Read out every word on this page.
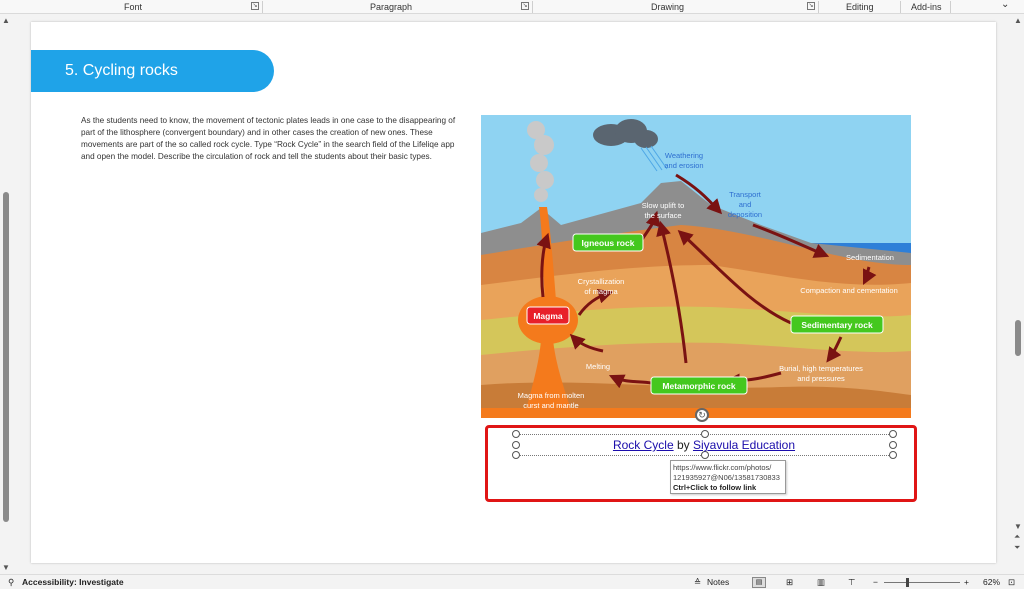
Font	↘	Paragraph	↘	Drawing	↘	Editing	Add-ins	⌄
▲
▼
5. Cycling rocks

As the students need to know, the movement of tectonic plates leads in one case to the disappearing of part of the lithosphere (convergent boundary) and in other cases the creation of new ones. These movements are part of the so called rock cycle. Type “Rock Cycle” in the search field of the Lifeliqe app and open the model. Describe the circulation of rock and tell the students about their basic types.	Weathering
and erosion
Transport
and
deposition
Slow uplift to
the surface
Sedimentation
Compaction and cementation
Crystallization
of magma
Melting	Burial, high temperatures
and pressures
Magma from molten
curst and mantle
Igneous rock
Magma
Sedimentary rock
Metamorphic rock
↻
Rock Cycle by Siyavula Education
https://www.flickr.com/photos/
121935927@N06/13581730833
Ctrl+Click to follow link
▲
▼
⏶
⏷
⚲ Accessibility: Investigate	≙ Notes	▤	⊞	▥	⊤ −	+ 62% ⊡
